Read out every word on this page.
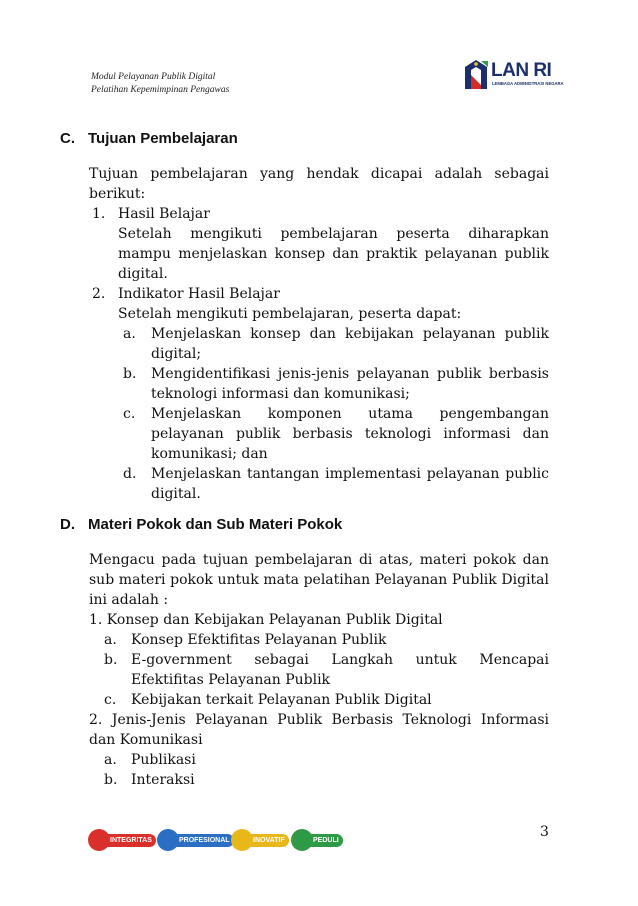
Modul Pelayanan Publik Digital
Pelatihan Kepemimpinan Pengawas
LAN RI
LEMBAGA ADMINISTRASI NEGARA
C. Tujuan Pembelajaran

Tujuan pembelajaran yang hendak dicapai adalah sebagai berikut:

1. Hasil Belajar

Setelah mengikuti pembelajaran peserta diharapkan mampu menjelaskan konsep dan praktik pelayanan publik digital.

2. Indikator Hasil Belajar
Setelah mengikuti pembelajaran, peserta dapat:
a. Menjelaskan konsep dan kebijakan pelayanan publik digital;

b. Mengidentifikasi jenis-jenis pelayanan publik berbasis teknologi informasi dan komunikasi;

c. Menjelaskan komponen utama pengembangan pelayanan publik berbasis teknologi informasi dan komunikasi; dan

d. Menjelaskan tantangan implementasi pelayanan public digital.

D. Materi Pokok dan Sub Materi Pokok

Mengacu pada tujuan pembelajaran di atas, materi pokok dan sub materi pokok untuk mata pelatihan Pelayanan Publik Digital ini adalah :

1. Konsep dan Kebijakan Pelayanan Publik Digital

a. Konsep Efektifitas Pelayanan Publik

b. E-government sebagai Langkah untuk Mencapai Efektifitas Pelayanan Publik

c. Kebijakan terkait Pelayanan Publik Digital

2. Jenis-Jenis Pelayanan Publik Berbasis Teknologi Informasi dan Komunikasi

a. Publikasi

b. Interaksi

INTEGRITAS	PROFESIONAL	INOVATIF	PEDULI	3
